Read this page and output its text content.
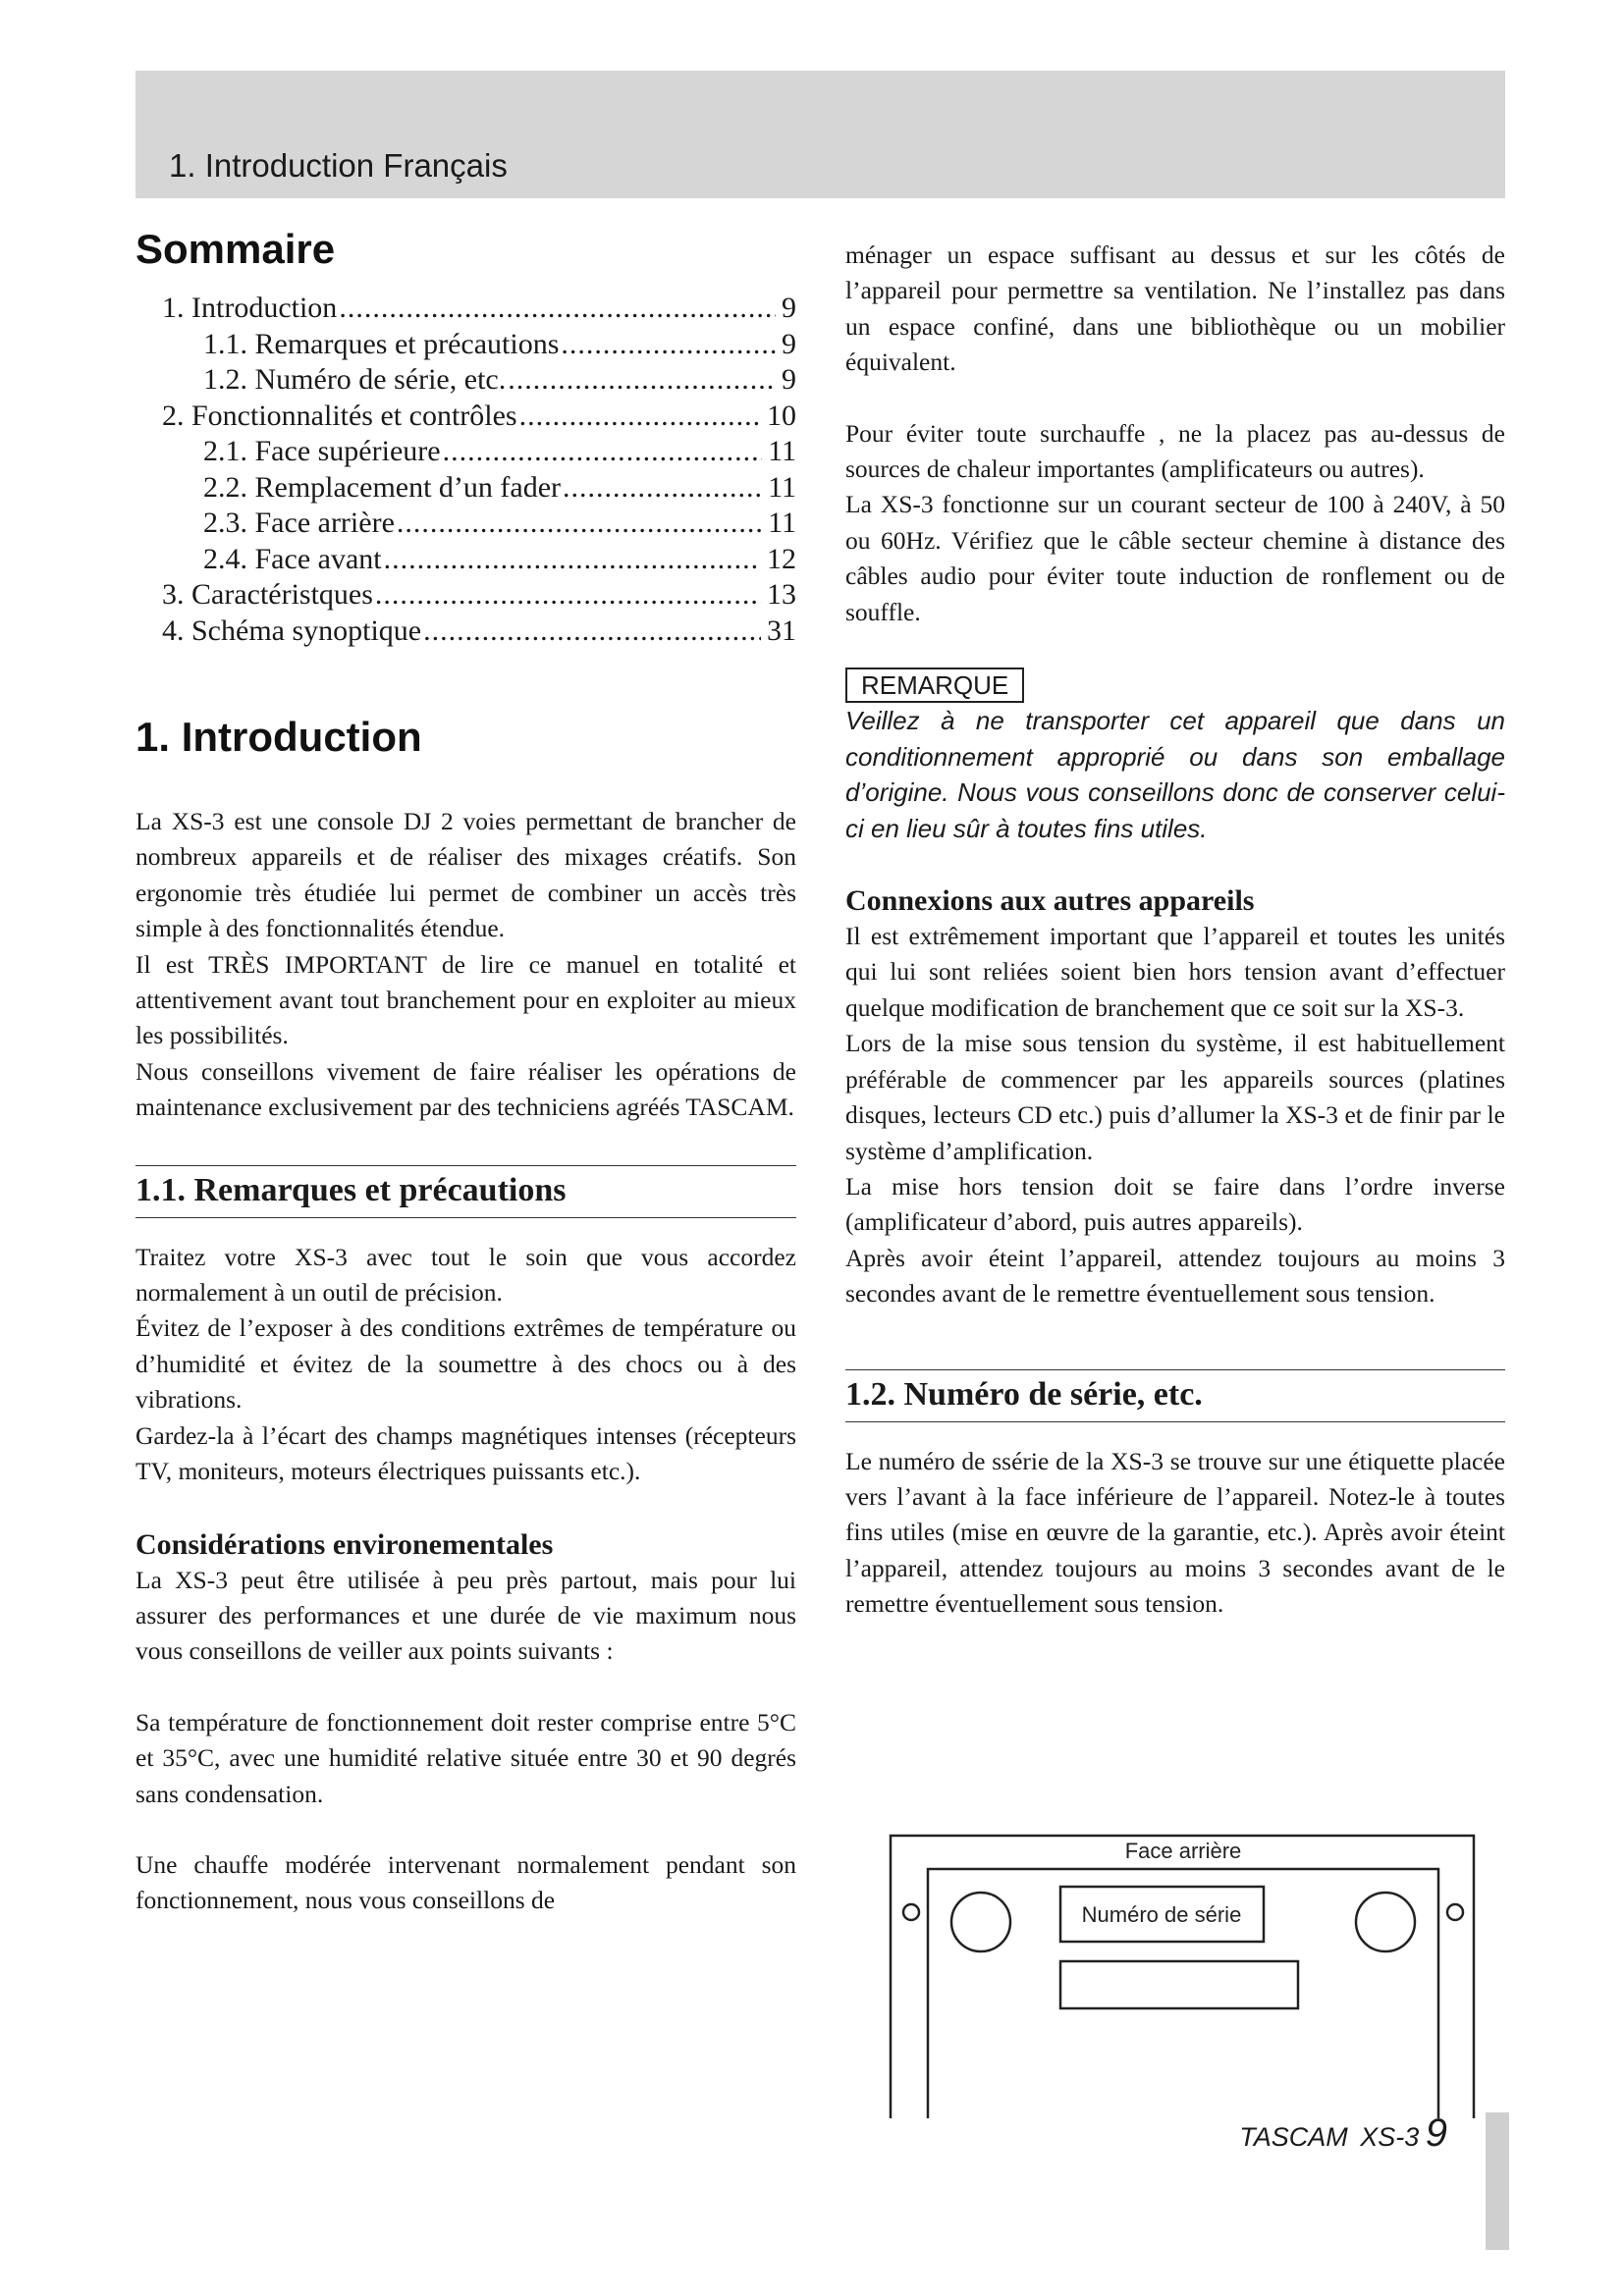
1. Introduction Français
Sommaire
1. Introduction .....	9
1.1. Remarques et précautions .....	9
1.2. Numéro de série, etc. .....	9
2. Fonctionnalités et contrôles .....	10
2.1. Face supérieure .....	11
2.2. Remplacement d’un fader .....	11
2.3. Face arrière .....	11
2.4. Face avant .....	12
3. Caractéristques .....	13
4. Schéma synoptique .....	31
1. Introduction

La XS-3 est une console DJ 2 voies permettant de brancher de nombreux appareils et de réaliser des mixages créatifs. Son ergonomie très étudiée lui permet de combiner un accès très simple à des fonctionnalités étendue.

Il est TRÈS IMPORTANT de lire ce manuel en totalité et attentivement avant tout branchement pour en exploiter au mieux les possibilités.

Nous conseillons vivement de faire réaliser les opérations de maintenance exclusivement par des techniciens agréés TASCAM.

1.1. Remarques et précautions

Traitez votre XS-3 avec tout le soin que vous accordez normalement à un outil de précision.

Évitez de l’exposer à des conditions extrêmes de température ou d’humidité et évitez de la soumettre à des chocs ou à des vibrations.

Gardez-la à l’écart des champs magnétiques intenses (récepteurs TV, moniteurs, moteurs électriques puissants etc.).

Considérations environementales

La XS-3 peut être utilisée à peu près partout, mais pour lui assurer des performances et une durée de vie maximum nous vous conseillons de veiller aux points suivants :

Sa température de fonctionnement doit rester comprise entre 5°C et 35°C, avec une humidité relative située entre 30 et 90 degrés sans condensation.

Une chauffe modérée intervenant normalement pendant son fonctionnement, nous vous conseillons de

ménager un espace suffisant au dessus et sur les côtés de l’appareil pour permettre sa ventilation. Ne l’installez pas dans un espace confiné, dans une bibliothèque ou un mobilier équivalent.

Pour éviter toute surchauffe , ne la placez pas au-dessus de sources de chaleur importantes (amplificateurs ou autres).

La XS-3 fonctionne sur un courant secteur de 100 à 240V, à 50 ou 60Hz. Vérifiez que le câble secteur chemine à distance des câbles audio pour éviter toute induction de ronflement ou de souffle.

REMARQUE

Veillez à ne transporter cet appareil que dans un conditionnement approprié ou dans son emballage d’origine. Nous vous conseillons donc de conserver celui-ci en lieu sûr à toutes fins utiles.

Connexions aux autres appareils

Il est extrêmement important que l’appareil et toutes les unités qui lui sont reliées soient bien hors tension avant d’effectuer quelque modification de branchement que ce soit sur la XS-3.

Lors de la mise sous tension du système, il est habituellement préférable de commencer par les appareils sources (platines disques, lecteurs CD etc.) puis d’allumer la XS-3 et de finir par le système d’amplification.

La mise hors tension doit se faire dans l’ordre inverse (amplificateur d’abord, puis autres appareils).

Après avoir éteint l’appareil, attendez toujours au moins 3 secondes avant de le remettre éventuellement sous tension.

1.2. Numéro de série, etc.

Le numéro de ssérie de la XS-3 se trouve sur une étiquette placée vers l’avant à la face inférieure de l’appareil. Notez-le à toutes fins utiles (mise en œuvre de la garantie, etc.). Après avoir éteint l’appareil, attendez toujours au moins 3 secondes avant de le remettre éventuellement sous tension.

Face arrière
Numéro de série
TASCAM XS-3 9
